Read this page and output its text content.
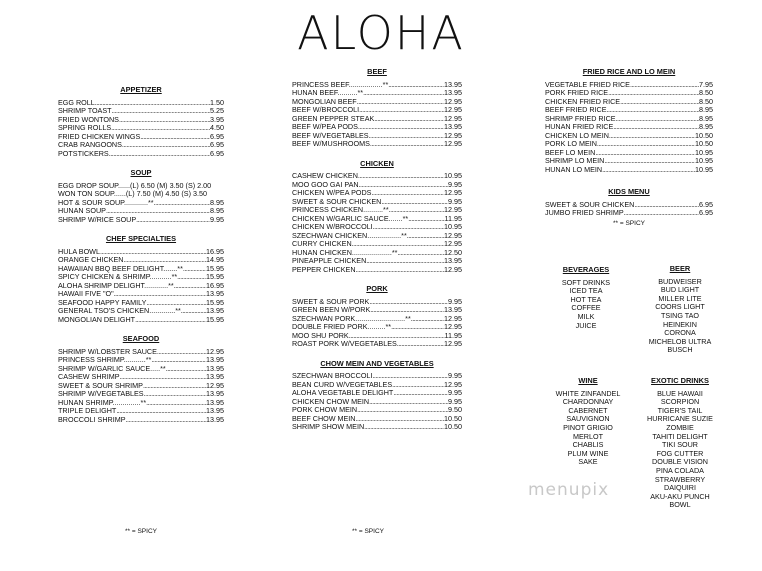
ALOHA
APPETIZER
EGG ROLL .....	1.50
SHRIMP TOAST .....	5.25
FRIED WONTONS .....	3.95
SPRING ROLLS .....	4.50
FRIED CHICKEN WINGS .....	6.95
CRAB RANGOONS .....	6.95
POTSTICKERS .....	6.95
SOUP
EGG DROP SOUP......(L) 6.50 (M) 3.50 (S) 2.00
WON TON SOUP......(L) 7.50 (M) 4.50 (S) 3.50
HOT & SOUR SOUP............** .....	8.95
HUNAN SOUP .....	8.95
SHRIMP W/RICE SOUP .....	9.95
CHEF SPECIALTIES
HULA BOWL .....	16.95
ORANGE CHICKEN .....	14.95
HAWAIIAN BBQ BEEF DELIGHT.......** .....	15.95
SPICY CHICKEN & SHRIMP...........** .....	15.95
ALOHA SHRIMP DELIGHT............** .....	16.95
HAWAII FIVE "O" .....	13.95
SEAFOOD HAPPY FAMILY .....	15.95
GENERAL TSO'S CHICKEN.............** .....	13.95
MONGOLIAN DELIGHT .....	15.95
SEAFOOD
SHRIMP W/LOBSTER SAUCE .....	12.95
PRINCESS SHRIMP...........** .....	13.95
SHRIMP W/GARLIC SAUCE.....** .....	13.95
CASHEW SHRIMP .....	13.95
SWEET & SOUR SHRIMP .....	12.95
SHRIMP W/VEGETABLES .....	13.95
HUNAN SHRIMP..............** .....	13.95
TRIPLE DELIGHT .....	13.95
BROCCOLI SHRIMP .....	13.95
BEEF
PRINCESS BEEF.................** .....	13.95
HUNAN BEEF..........** .....	13.95
MONGOLIAN BEEF .....	12.95
BEEF W/BROCCOLI .....	12.95
GREEN PEPPER STEAK .....	12.95
BEEF W/PEA PODS .....	13.95
BEEF W/VEGETABLES .....	12.95
BEEF W/MUSHROOMS .....	12.95
CHICKEN
CASHEW CHICKEN .....	10.95
MOO GOO GAI PAN .....	9.95
CHICKEN W/PEA PODS .....	12.95
SWEET & SOUR CHICKEN .....	9.95
PRINCESS CHICKEN..........** .....	12.95
CHICKEN W/GARLIC SAUCE.......** .....	11.95
CHICKEN W/BROCCOLI .....	10.95
SZECHWAN CHICKEN.................** .....	12.95
CURRY CHICKEN .....	12.95
HUNAN CHICKEN....................** .....	12.50
PINEAPPLE CHICKEN .....	13.95
PEPPER CHICKEN .....	12.95
PORK
SWEET & SOUR PORK .....	9.95
GREEN BEEN W/PORK .....	13.95
SZECHWAN PORK.........................** .....	12.95
DOUBLE FRIED PORK.........** .....	12.95
MOO SHU PORK .....	11.95
ROAST PORK W/VEGETABLES .....	12.95
CHOW MEIN AND VEGETABLES
SZECHWAN BROCCOLI .....	9.95
BEAN CURD W/VEGETABLES .....	12.95
ALOHA VEGETABLE DELIGHT .....	9.95
CHICKEN CHOW MEIN .....	9.95
PORK CHOW MEIN .....	9.50
BEEF CHOW MEIN .....	10.50
SHRIMP SHOW MEIN .....	10.50
FRIED RICE AND LO MEIN
VEGETABLE FRIED RICE .....	7.95
PORK FRIED RICE .....	8.50
CHICKEN FRIED RICE .....	8.50
BEEF FRIED RICE .....	8.95
SHRIMP FRIED RICE .....	8.95
HUNAN FRIED RICE .....	8.95
CHICKEN LO MEIN .....	10.50
PORK LO MEIN .....	10.50
BEEF LO MEIN .....	10.95
SHRIMP LO MEIN .....	10.95
HUNAN LO MEIN .....	10.95
KIDS MENU
SWEET & SOUR CHICKEN .....	6.95
JUMBO FRIED SHRIMP .....	6.95
** = SPICY
BEVERAGES
SOFT DRINKS
ICED TEA
HOT TEA
COFFEE
MILK
JUICE
BEER
BUDWEISER
BUD LIGHT
MILLER LITE
COORS LIGHT
TSING TAO
HEINEKIN
CORONA
MICHELOB ULTRA
BUSCH
WINE
WHITE ZINFANDEL
CHARDONNAY
CABERNET
SAUVIGNON
PINOT GRIGIO
MERLOT
CHABLIS
PLUM WINE
SAKE
EXOTIC DRINKS
BLUE HAWAII
SCORPION
TIGER'S TAIL
HURRICANE SUZIE
ZOMBIE
TAHITI DELIGHT
TIKI SOUR
FOG CUTTER
DOUBLE VISION
PINA COLADA
STRAWBERRY
DAIQUIRI
AKU-AKU PUNCH
BOWL
** = SPICY	** = SPICY
menupix
